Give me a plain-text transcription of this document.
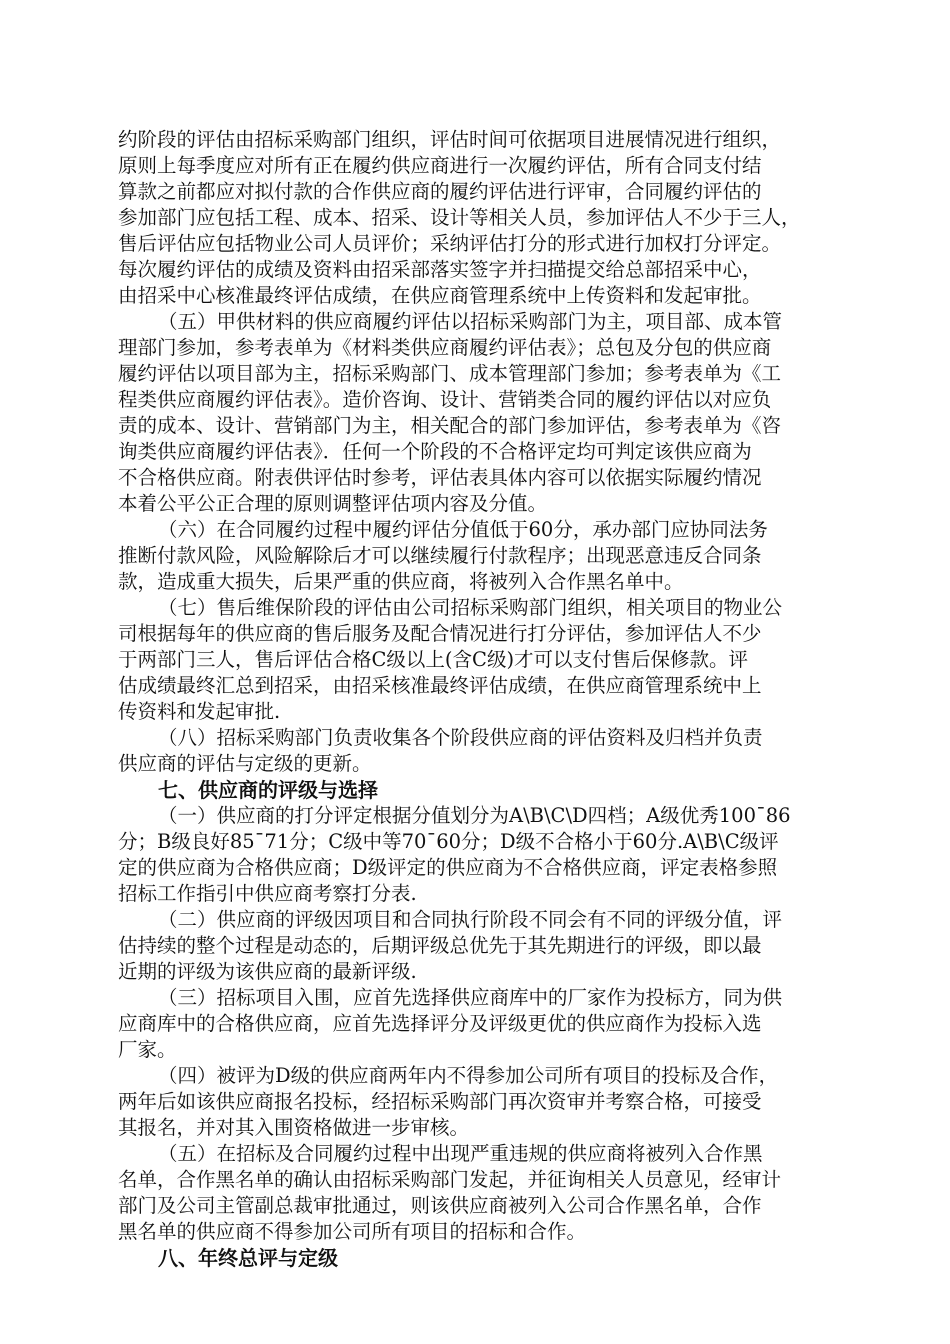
约阶段的评估由招标采购部门组织，评估时间可依据项目进展情况进行组织，
原则上每季度应对所有正在履约供应商进行一次履约评估，所有合同支付结
算款之前都应对拟付款的合作供应商的履约评估进行评审，合同履约评估的
参加部门应包括工程、成本、招采、设计等相关人员，参加评估人不少于三人，
售后评估应包括物业公司人员评价；采纳评估打分的形式进行加权打分评定。
每次履约评估的成绩及资料由招采部落实签字并扫描提交给总部招采中心，
由招采中心核准最终评估成绩，在供应商管理系统中上传资料和发起审批。
（五）甲供材料的供应商履约评估以招标采购部门为主，项目部、成本管
理部门参加，参考表单为《材料类供应商履约评估表》；总包及分包的供应商
履约评估以项目部为主，招标采购部门、成本管理部门参加；参考表单为《工
程类供应商履约评估表》。造价咨询、设计、营销类合同的履约评估以对应负
责的成本、设计、营销部门为主，相关配合的部门参加评估，参考表单为《咨
询类供应商履约评估表》．任何一个阶段的不合格评定均可判定该供应商为
不合格供应商。附表供评估时参考，评估表具体内容可以依据实际履约情况
本着公平公正合理的原则调整评估项内容及分值。
（六）在合同履约过程中履约评估分值低于60分，承办部门应协同法务
推断付款风险，风险解除后才可以继续履行付款程序；出现恶意违反合同条
款，造成重大损失，后果严重的供应商，将被列入合作黑名单中。
（七）售后维保阶段的评估由公司招标采购部门组织，相关项目的物业公
司根据每年的供应商的售后服务及配合情况进行打分评估，参加评估人不少
于两部门三人，售后评估合格C级以上(含C级)才可以支付售后保修款。评
估成绩最终汇总到招采，由招采核准最终评估成绩，在供应商管理系统中上
传资料和发起审批.
（八）招标采购部门负责收集各个阶段供应商的评估资料及归档并负责
供应商的评估与定级的更新。
七、供应商的评级与选择
（一）供应商的打分评定根据分值划分为A\B\C\D四档；A级优秀100¯86
分；B级良好85¯71分；C级中等70¯60分；D级不合格小于60分.A\B\C级评
定的供应商为合格供应商；D级评定的供应商为不合格供应商，评定表格参照
招标工作指引中供应商考察打分表.
（二）供应商的评级因项目和合同执行阶段不同会有不同的评级分值，评
估持续的整个过程是动态的，后期评级总优先于其先期进行的评级，即以最
近期的评级为该供应商的最新评级.
（三）招标项目入围，应首先选择供应商库中的厂家作为投标方，同为供
应商库中的合格供应商，应首先选择评分及评级更优的供应商作为投标入选
厂家。
（四）被评为D级的供应商两年内不得参加公司所有项目的投标及合作，
两年后如该供应商报名投标，经招标采购部门再次资审并考察合格，可接受
其报名，并对其入围资格做进一步审核。
（五）在招标及合同履约过程中出现严重违规的供应商将被列入合作黑
名单，合作黑名单的确认由招标采购部门发起，并征询相关人员意见，经审计
部门及公司主管副总裁审批通过，则该供应商被列入公司合作黑名单，合作
黑名单的供应商不得参加公司所有项目的招标和合作。
八、年终总评与定级
